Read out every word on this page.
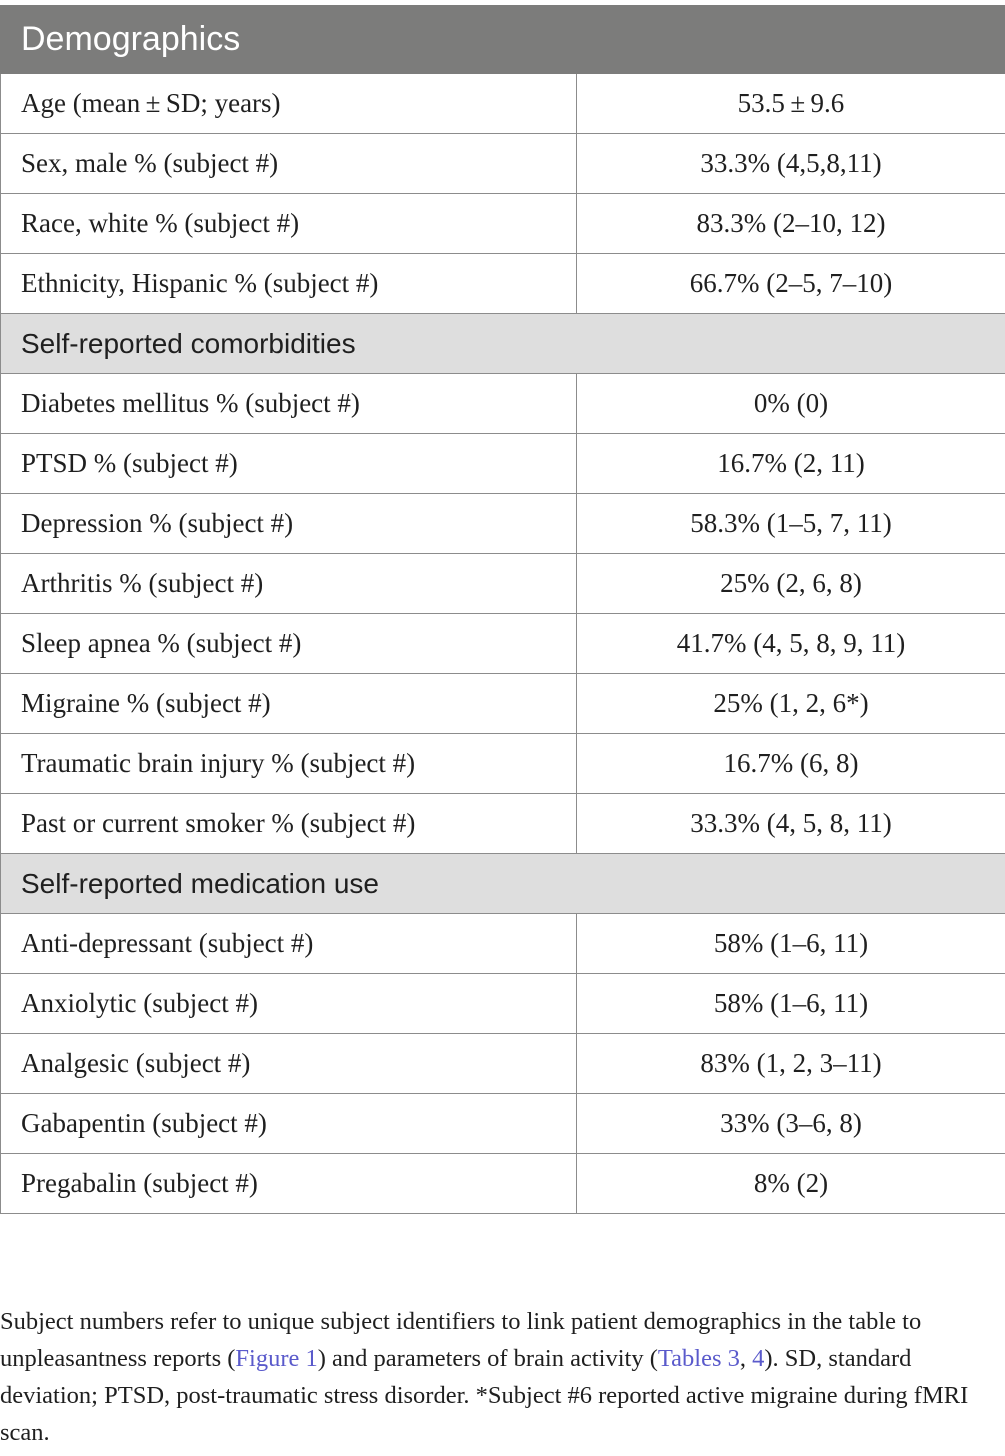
Demographics	
Age (mean ± SD; years)	53.5 ± 9.6
Sex, male % (subject #)	33.3% (4,5,8,11)
Race, white % (subject #)	83.3% (2–10, 12)
Ethnicity, Hispanic % (subject #)	66.7% (2–5, 7–10)
Self-reported comorbidities	
Diabetes mellitus % (subject #)	0% (0)
PTSD % (subject #)	16.7% (2, 11)
Depression % (subject #)	58.3% (1–5, 7, 11)
Arthritis % (subject #)	25% (2, 6, 8)
Sleep apnea % (subject #)	41.7% (4, 5, 8, 9, 11)
Migraine % (subject #)	25% (1, 2, 6*)
Traumatic brain injury % (subject #)	16.7% (6, 8)
Past or current smoker % (subject #)	33.3% (4, 5, 8, 11)
Self-reported medication use	
Anti-depressant (subject #)	58% (1–6, 11)
Anxiolytic (subject #)	58% (1–6, 11)
Analgesic (subject #)	83% (1, 2, 3–11)
Gabapentin (subject #)	33% (3–6, 8)
Pregabalin (subject #)	8% (2)
Subject numbers refer to unique subject identifiers to link patient demographics in the table to unpleasantness reports (Figure 1) and parameters of brain activity (Tables 3, 4). SD, standard deviation; PTSD, post-traumatic stress disorder. *Subject #6 reported active migraine during fMRI scan.
